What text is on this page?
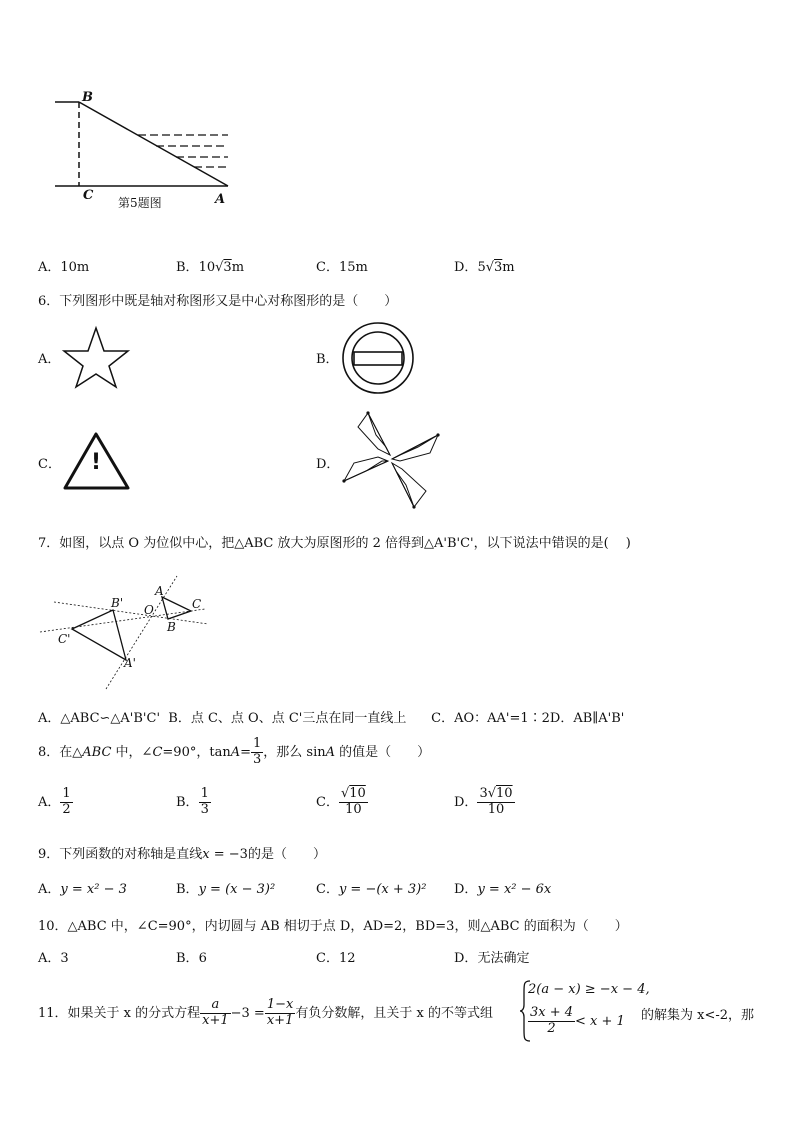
B
C	A
第5题图
A．10m	B．10√3m	C．15m	D．5√3m
6．下列图形中既是轴对称图形又是中心对称图形的是（　　）
A．	B．
C．	D．
!
7．如图，以点 O 为位似中心，把△ABC 放大为原图形的 2 倍得到△A'B'C'，以下说法中错误的是(　 )
A
C
B
O
B'
C'
A'
A．△ABC∽△A'B'C'  B．点 C、点 O、点 C'三点在同一直线上      C．AO：AA'=1∶2D．AB∥A'B'
8．在△ABC 中，∠C=90°，$\tan A= \frac{1}{3}$ ，那么 sinA 的值是（　　）
A． $\frac{1}{2}$	B． $\frac{1}{3}$	C． $\frac{√10}{10}$	D． $\frac{3√10}{10}$
9．下列函数的对称轴是直线x = −3的是（　　）
A．y = x² − 3	B．y = (x − 3)²	C．y = −(x + 3)² D．y = x² − 6x
10．△ABC 中，∠C=90°，内切圆与 AB 相切于点 D，AD=2，BD=3，则△ABC 的面积为（　　）
A．3	B．6	C．12	D．无法确定
11．如果关于 x 的分式方程 $\frac{a}{x+1} -3 = \frac{1-x}{x+1}$ 有负分数解，且关于 x 的不等式组
2(a − x) ≥ −x − 4,
$\frac{3x + 4}{2} < x + 1$ 的解集为 x<-2，那
